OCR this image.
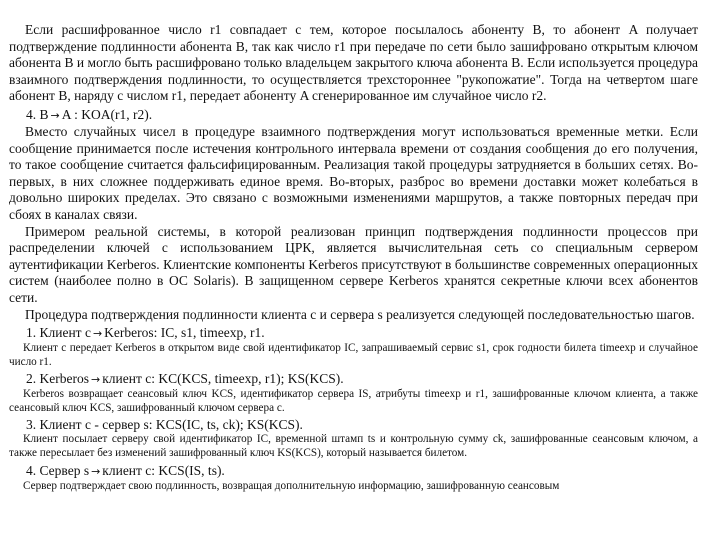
Если расшифрованное число r1 совпадает с тем, которое посылалось абоненту B, то абонент A получает подтверждение подлинности абонента B, так как число r1 при передаче по сети было зашифровано открытым ключом абонента B и могло быть расшифровано только владельцем закрытого ключа абонента B. Если используется процедура взаимного подтверждения подлинности, то осуществляется трехстороннее "рукопожатие". Тогда на четвертом шаге абонент B, наряду с числом r1, передает абоненту A сгенерированное им случайное число r2.

4. B → A : KOA(r1, r2).

Вместо случайных чисел в процедуре взаимного подтверждения могут использоваться временные метки. Если сообщение принимается после истечения контрольного интервала времени от создания сообщения до его получения, то такое сообщение считается фальсифицированным. Реализация такой процедуры затрудняется в больших сетях. Во-первых, в них сложнее поддерживать единое время. Во-вторых, разброс во времени доставки может колебаться в довольно широких пределах. Это связано с возможными изменениями маршрутов, а также повторных передач при сбоях в каналах связи.

Примером реальной системы, в которой реализован принцип подтверждения подлинности процессов при распределении ключей с использованием ЦРК, является вычислительная сеть со специальным сервером аутентификации Kerberos. Клиентские компоненты Kerberos присутствуют в большинстве современных операционных систем (наиболее полно в ОС Solaris). В защищенном сервере Kerberos хранятся секретные ключи всех абонентов сети.

Процедура подтверждения подлинности клиента c и сервера s реализуется следующей последовательностью шагов.

1. Клиент c → Kerberos: IC, s1, timeexp, r1.

Клиент c передает Kerberos в открытом виде свой идентификатор IC, запрашиваемый сервис s1, срок годности билета timeexp и случайное число r1.

2. Kerberos → клиент c: KC(KCS, timeexp, r1); KS(KCS).

Kerberos возвращает сеансовый ключ KCS, идентификатор сервера IS, атрибуты timeexp и r1, зашифрованные ключом клиента, а также сеансовый ключ KCS, зашифрованный ключом сервера c.

3. Клиент c - сервер s: KCS(IC, ts, ck); KS(KCS).

Клиент посылает серверу свой идентификатор IC, временной штамп ts и контрольную сумму ck, зашифрованные сеансовым ключом, а также пересылает без изменений зашифрованный ключ KS(KCS), который называется билетом.

4. Сервер s → клиент c: KCS(IS, ts).

Сервер подтверждает свою подлинность, возвращая дополнительную информацию, зашифрованную сеансовым
